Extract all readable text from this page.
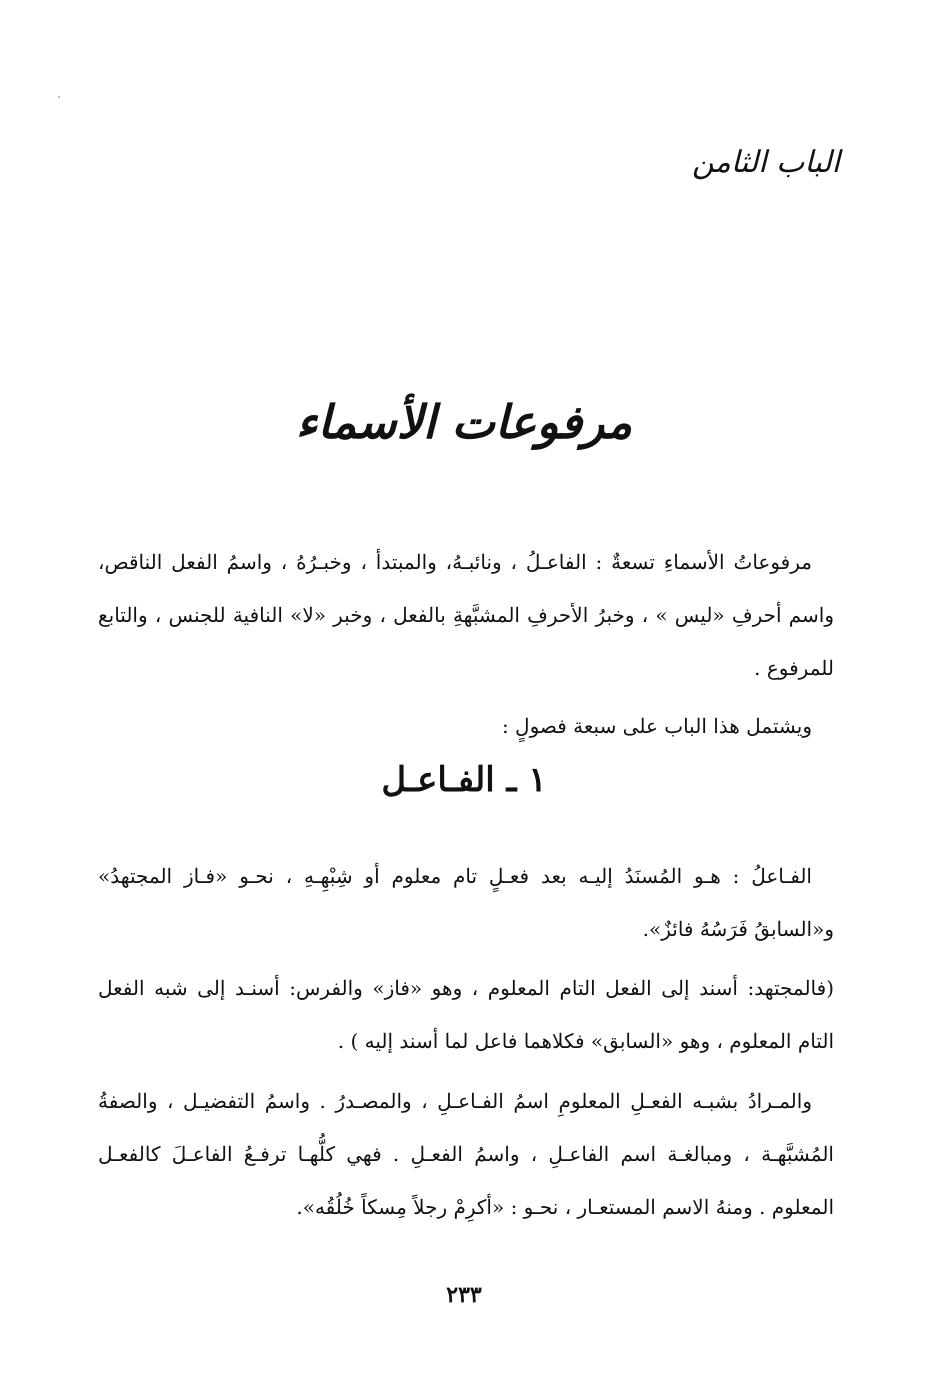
الباب الثامن
مرفوعات الأسماء

مرفوعاتُ الأسماءِ تسعةٌ : الفاعـلُ ، ونائبـهُ، والمبتدأ ، وخبـرُهُ ، واسمُ الفعل الناقص، واسم أحرفِ «ليس » ، وخبرُ الأحرفِ المشبَّهةِ بالفعل ، وخبر «لا» النافية للجنس ، والتابع للمرفوع .

ويشتمل هذا الباب على سبعة فصولٍ :

١ ـ الفـاعـل

الفـاعلُ : هـو المُسنَدُ إليـه بعد فعـلٍ تام معلوم أو شِبْهِـهِ ، نحـو «فـاز المجتهدُ» و«السابقُ فَرَسُهُ فائزٌ».

(فالمجتهد: أسند إلى الفعل التام المعلوم ، وهو «فاز» والفرس: أسنـد إلى شبه الفعل التام المعلوم ، وهو «السابق» فكلاهما فاعل لما أسند إليه ) .

والمـرادُ بشبـه الفعـلِ المعلومِ اسمُ الفـاعـلِ ، والمصـدرُ . واسمُ التفضيـل ، والصفةُ المُشبَّهـة ، ومبالغـة اسم الفاعـلِ ، واسمُ الفعـلِ . فهي كلُّهـا ترفـعُ الفاعـلَ كالفعـل المعلوم . ومنهُ الاسم المستعـار ، نحـو : «أكرِمْ رجلاً مِسكاً خُلُقُه».

٢٣٣
